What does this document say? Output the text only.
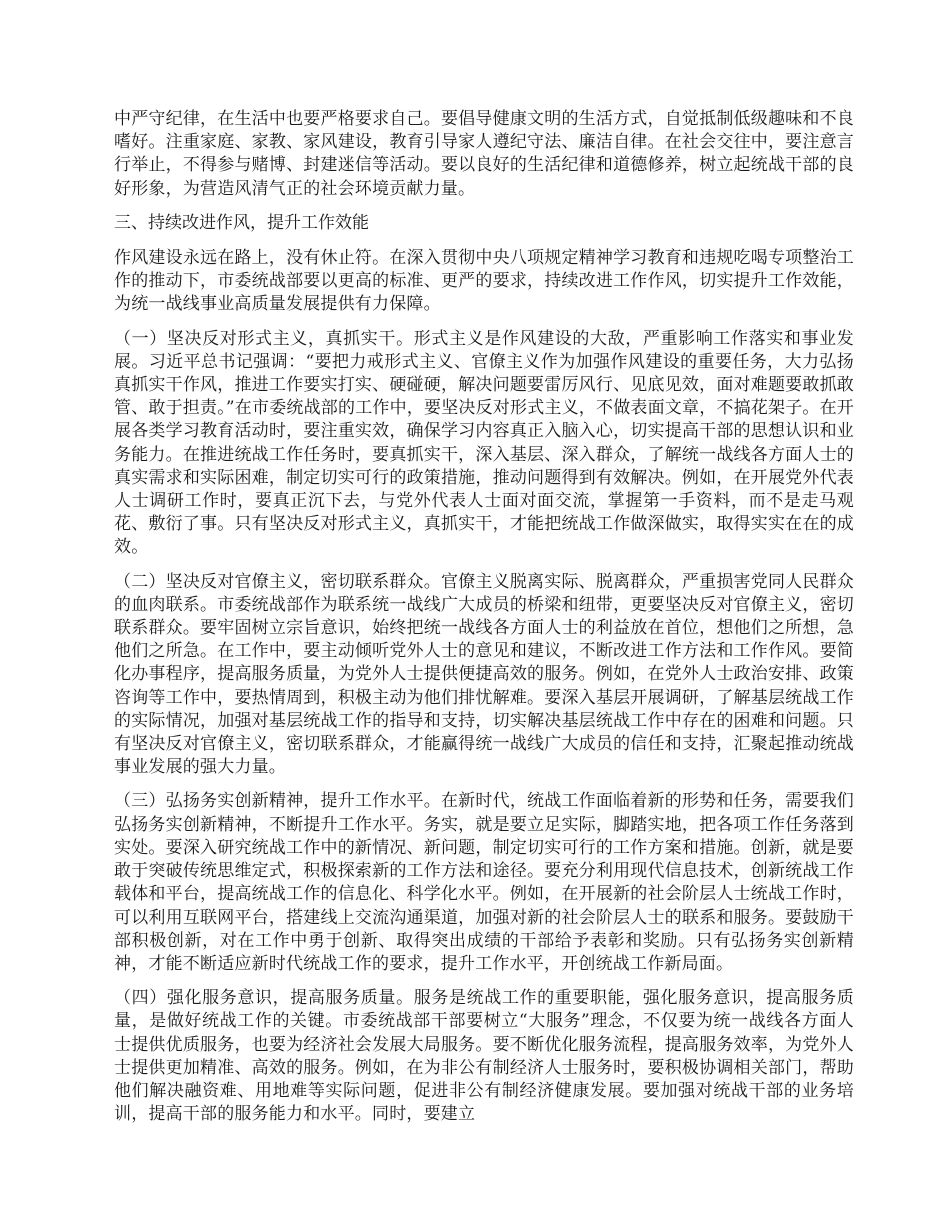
中严守纪律，在生活中也要严格要求自己。要倡导健康文明的生活方式，自觉抵制低级趣味和不良嗜好。注重家庭、家教、家风建设，教育引导家人遵纪守法、廉洁自律。在社会交往中，要注意言行举止，不得参与赌博、封建迷信等活动。要以良好的生活纪律和道德修养，树立起统战干部的良好形象，为营造风清气正的社会环境贡献力量。

三、持续改进作风，提升工作效能

作风建设永远在路上，没有休止符。在深入贯彻中央八项规定精神学习教育和违规吃喝专项整治工作的推动下，市委统战部要以更高的标准、更严的要求，持续改进工作作风，切实提升工作效能，为统一战线事业高质量发展提供有力保障。

（一）坚决反对形式主义，真抓实干。形式主义是作风建设的大敌，严重影响工作落实和事业发展。习近平总书记强调：“要把力戒形式主义、官僚主义作为加强作风建设的重要任务，大力弘扬真抓实干作风，推进工作要实打实、硬碰硬，解决问题要雷厉风行、见底见效，面对难题要敢抓敢管、敢于担责。”在市委统战部的工作中，要坚决反对形式主义，不做表面文章，不搞花架子。在开展各类学习教育活动时，要注重实效，确保学习内容真正入脑入心，切实提高干部的思想认识和业务能力。在推进统战工作任务时，要真抓实干，深入基层、深入群众，了解统一战线各方面人士的真实需求和实际困难，制定切实可行的政策措施，推动问题得到有效解决。例如，在开展党外代表人士调研工作时，要真正沉下去，与党外代表人士面对面交流，掌握第一手资料，而不是走马观花、敷衍了事。只有坚决反对形式主义，真抓实干，才能把统战工作做深做实，取得实实在在的成效。

（二）坚决反对官僚主义，密切联系群众。官僚主义脱离实际、脱离群众，严重损害党同人民群众的血肉联系。市委统战部作为联系统一战线广大成员的桥梁和纽带，更要坚决反对官僚主义，密切联系群众。要牢固树立宗旨意识，始终把统一战线各方面人士的利益放在首位，想他们之所想，急他们之所急。在工作中，要主动倾听党外人士的意见和建议，不断改进工作方法和工作作风。要简化办事程序，提高服务质量，为党外人士提供便捷高效的服务。例如，在党外人士政治安排、政策咨询等工作中，要热情周到，积极主动为他们排忧解难。要深入基层开展调研，了解基层统战工作的实际情况，加强对基层统战工作的指导和支持，切实解决基层统战工作中存在的困难和问题。只有坚决反对官僚主义，密切联系群众，才能赢得统一战线广大成员的信任和支持，汇聚起推动统战事业发展的强大力量。

（三）弘扬务实创新精神，提升工作水平。在新时代，统战工作面临着新的形势和任务，需要我们弘扬务实创新精神，不断提升工作水平。务实，就是要立足实际，脚踏实地，把各项工作任务落到实处。要深入研究统战工作中的新情况、新问题，制定切实可行的工作方案和措施。创新，就是要敢于突破传统思维定式，积极探索新的工作方法和途径。要充分利用现代信息技术，创新统战工作载体和平台，提高统战工作的信息化、科学化水平。例如，在开展新的社会阶层人士统战工作时，可以利用互联网平台，搭建线上交流沟通渠道，加强对新的社会阶层人士的联系和服务。要鼓励干部积极创新，对在工作中勇于创新、取得突出成绩的干部给予表彰和奖励。只有弘扬务实创新精神，才能不断适应新时代统战工作的要求，提升工作水平，开创统战工作新局面。

（四）强化服务意识，提高服务质量。服务是统战工作的重要职能，强化服务意识，提高服务质量，是做好统战工作的关键。市委统战部干部要树立“大服务”理念，不仅要为统一战线各方面人士提供优质服务，也要为经济社会发展大局服务。要不断优化服务流程，提高服务效率，为党外人士提供更加精准、高效的服务。例如，在为非公有制经济人士服务时，要积极协调相关部门，帮助他们解决融资难、用地难等实际问题，促进非公有制经济健康发展。要加强对统战干部的业务培训，提高干部的服务能力和水平。同时，要建立
